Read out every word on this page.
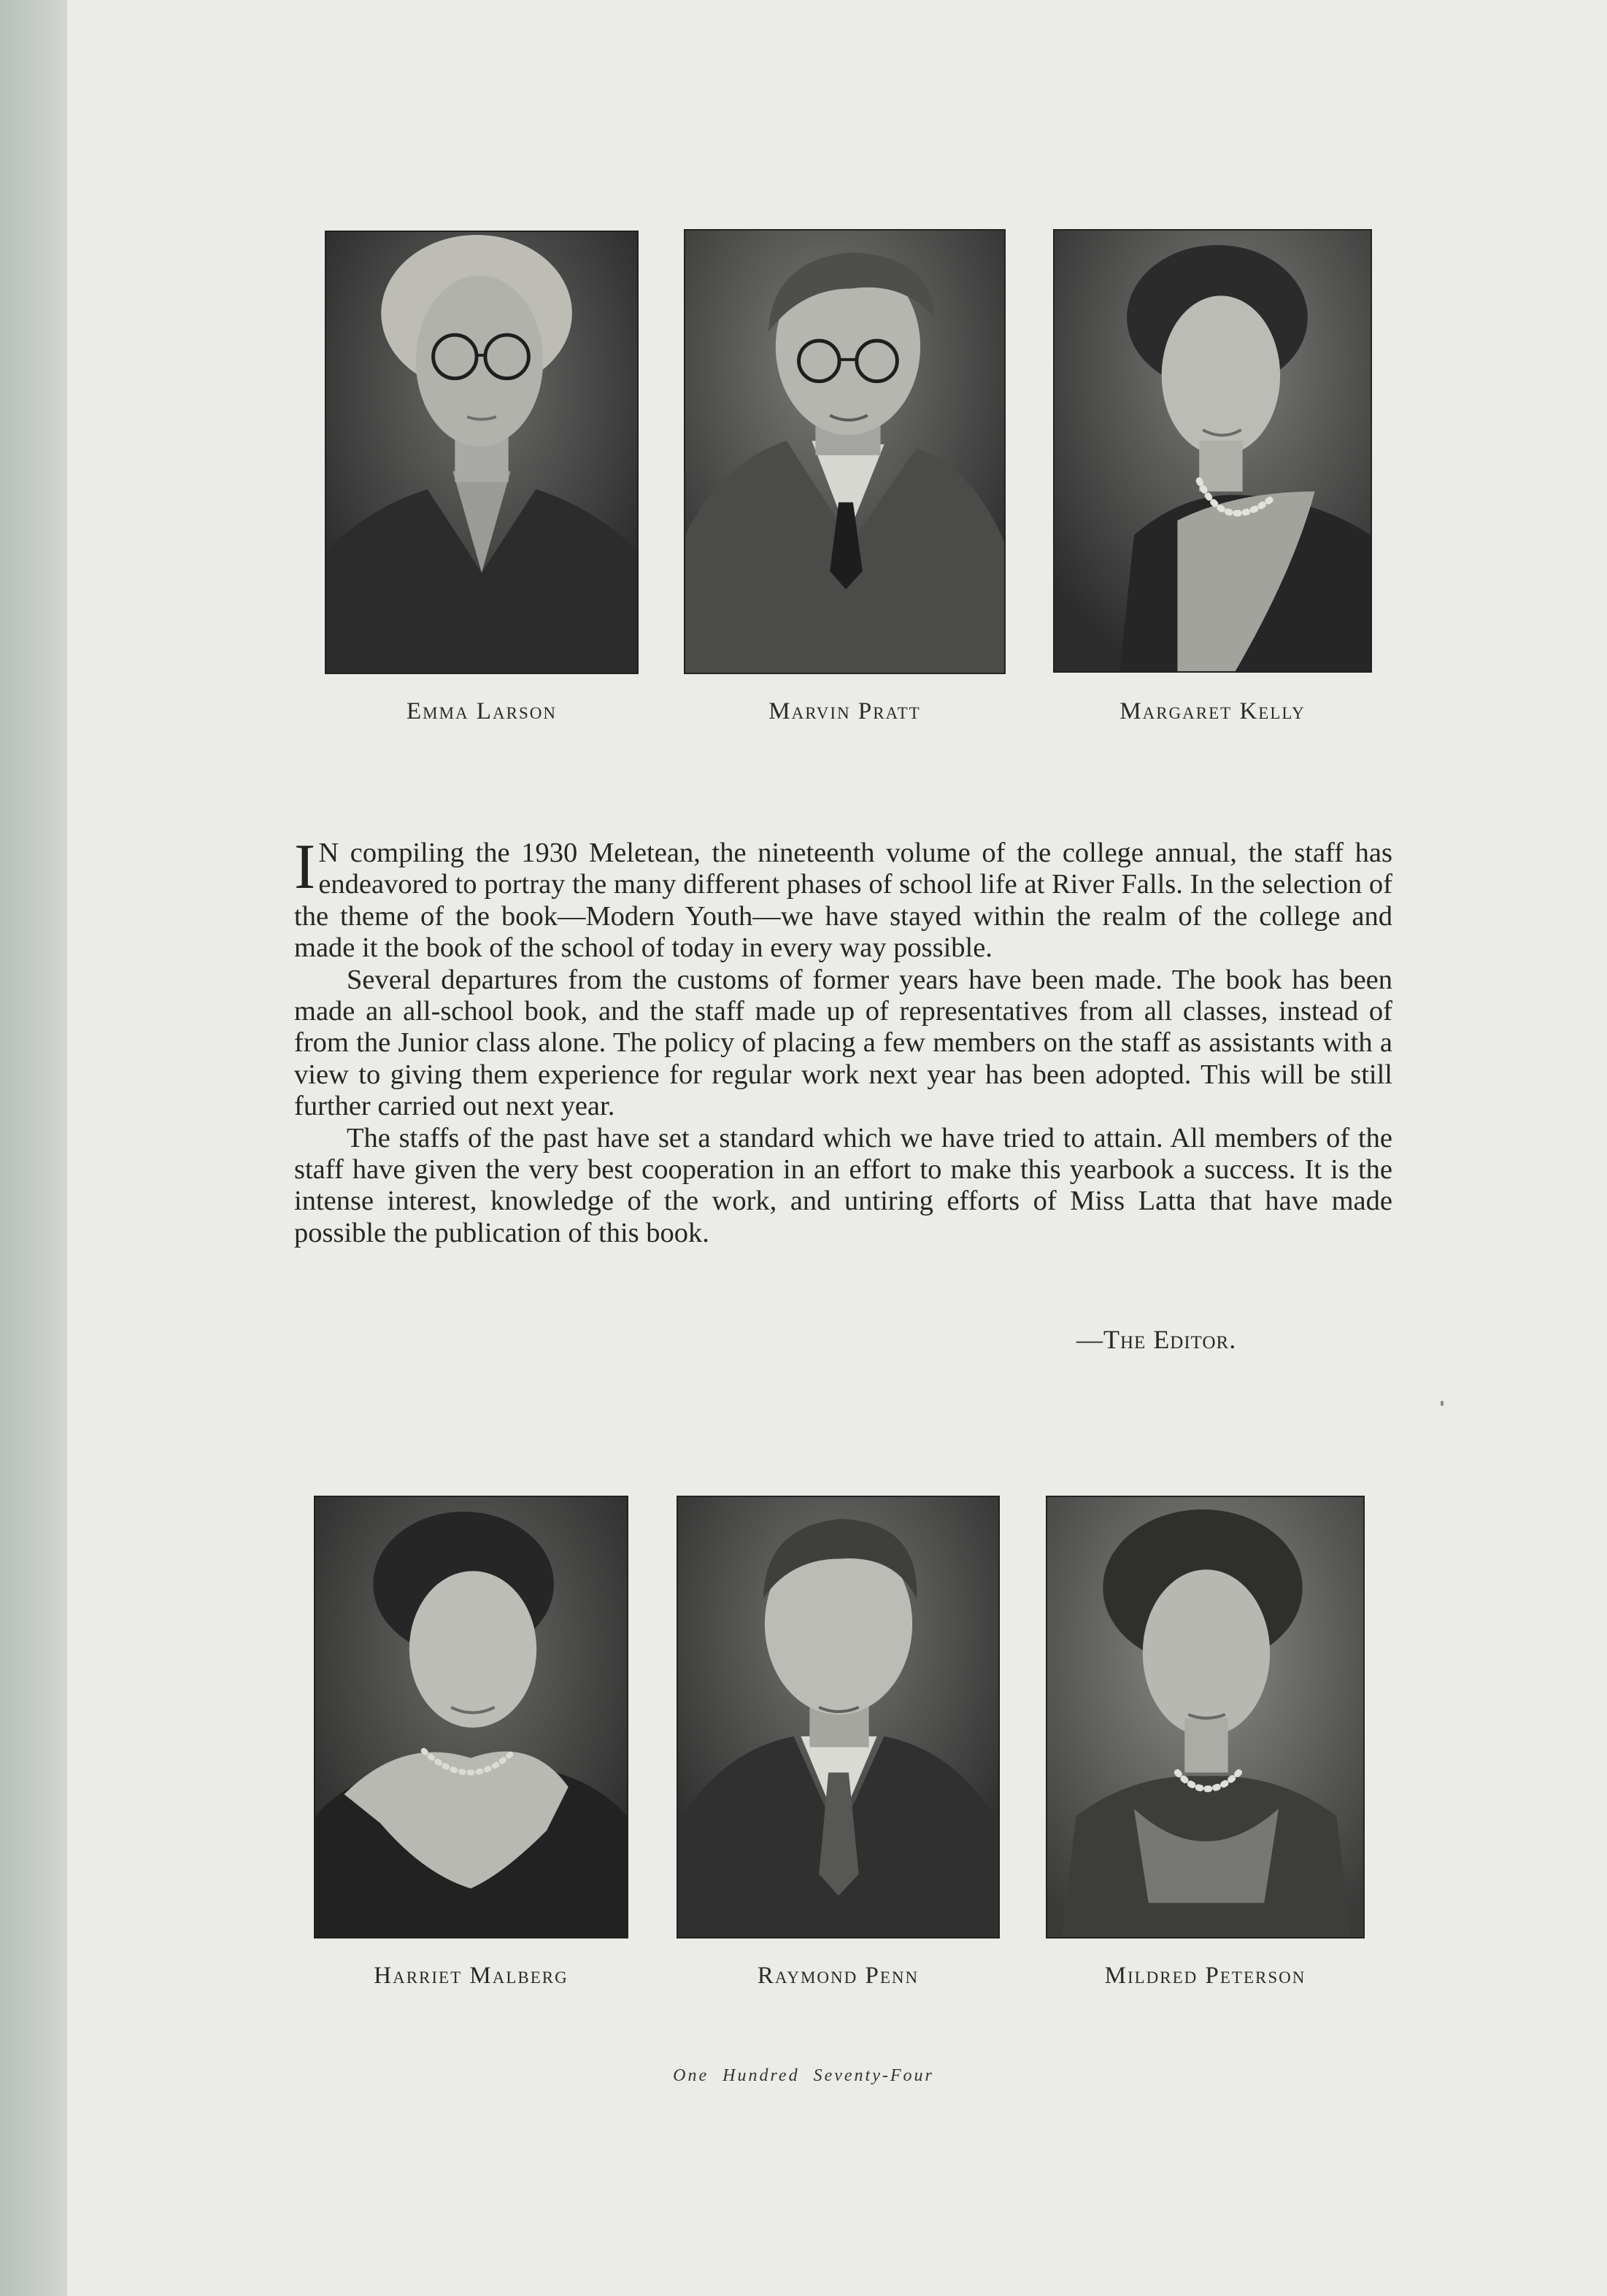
Emma Larson	Marvin Pratt	Margaret Kelly

I N compiling the 1930 Meletean, the nineteenth volume of the college annual, the staff has endeavored to portray the many different phases of school life at River Falls. In the selection of the theme of the book—Modern Youth—we have stayed within the realm of the college and made it the book of the school of today in every way possible.

Several departures from the customs of former years have been made. The book has been made an all-school book, and the staff made up of representatives from all classes, instead of from the Junior class alone. The policy of placing a few members on the staff as assistants with a view to giving them experience for regular work next year has been adopted. This will be still further carried out next year.

The staffs of the past have set a standard which we have tried to attain. All members of the staff have given the very best cooperation in an effort to make this yearbook a success. It is the intense interest, knowledge of the work, and untiring efforts of Miss Latta that have made possible the publication of this book.

—The Editor.
Harriet Malberg	Raymond Penn	Mildred Peterson
One Hundred Seventy-Four
